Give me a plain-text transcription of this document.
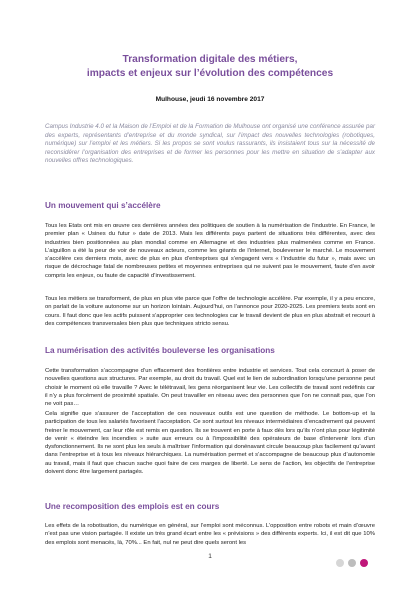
Transformation digitale des métiers,
impacts et enjeux sur l’évolution des compétences
Mulhouse, jeudi 16 novembre 2017
Campus Industrie 4.0 et la Maison de l’Emploi et de la Formation de Mulhouse ont organisé une conférence assurée par des experts, représentants d’entreprise et du monde syndical, sur l’impact des nouvelles technologies (robotiques, numérique) sur l’emploi et les métiers. Si les propos se sont voulus rassurants, ils insistaient tous sur la nécessité de reconsidérer l’organisation des entreprises et de former les personnes pour les mettre en situation de s’adapter aux nouvelles offres technologiques.
Un mouvement qui s’accélère
Tous les Etats ont mis en œuvre ces dernières années des politiques de soutien à la numérisation de l’industrie. En France, le premier plan « Usines du futur » date de 2013. Mais les différents pays partent de situations très différentes, avec des industries bien positionnées au plan mondial comme en Allemagne et des industries plus malmenées comme en France. L’aiguillon a été la peur de voir de nouveaux acteurs, comme les géants de l’internet, bouleverser le marché. Le mouvement s’accélère ces derniers mois, avec de plus en plus d’entreprises qui s’engagent vers « l’industrie du futur », mais avec un risque de décrochage fatal de nombreuses petites et moyennes entreprises qui ne suivent pas le mouvement, faute d’en avoir compris les enjeux, ou faute de capacité d’investissement.
Tous les métiers se transforment, de plus en plus vite parce que l’offre de technologie accélère. Par exemple, il y a peu encore, on parlait de la voiture autonome sur un horizon lointain. Aujourd’hui, on l’annonce pour 2020-2025. Les premiers tests sont en cours. Il faut donc que les actifs puissent s’approprier ces technologies car le travail devient de plus en plus abstrait et recourt à des compétences transversales bien plus que techniques stricto sensu.
La numérisation des activités bouleverse les organisations
Cette transformation s’accompagne d’un effacement des frontières entre industrie et services. Tout cela concourt à poser de nouvelles questions aux structures. Par exemple, au droit du travail. Quel est le lien de subordination lorsqu’une personne peut choisir le moment où elle travaille ? Avec le télétravail, les gens réorganisent leur vie. Les collectifs de travail sont redéfinis car il n’y a plus forcément de proximité spatiale. On peut travailler en réseau avec des personnes que l’on ne connait pas, que l’on ne voit pas…
Cela signifie que s’assurer de l’acceptation de ces nouveaux outils est une question de méthode. Le bottom-up et la participation de tous les salariés favorisent l’acceptation. Ce sont surtout les niveaux intermédiaires d’encadrement qui peuvent freiner le mouvement, car leur rôle est remis en question. Ils se trouvent en porte à faux dès lors qu’ils n’ont plus pour légitimité de venir « éteindre les incendies » suite aux erreurs ou à l’impossibilité des opérateurs de base d’intervenir lors d’un dysfonctionnement. Ils ne sont plus les seuls à maîtriser l’information qui donénavant circule beaucoup plus facilement qu’avant dans l’entreprise et à tous les niveaux hiérarchiques. La numérisation permet et s’accompagne de beaucoup plus d’autonomie au travail, mais il faut que chacun sache quoi faire de ces marges de liberté. Le sens de l’action, les objectifs de l’entreprise doivent donc être largement partagés.
Une recomposition des emplois est en cours
Les effets de la robotisation, du numérique en général, sur l’emploi sont méconnus. L’opposition entre robots et main d’œuvre n’est pas une vision partagée. Il existe un très grand écart entre les « prévisions » des différents experts. Ici, il est dit que 10% des emplois sont menacés, là, 70%... En fait, nul ne peut dire quels seront les
1
